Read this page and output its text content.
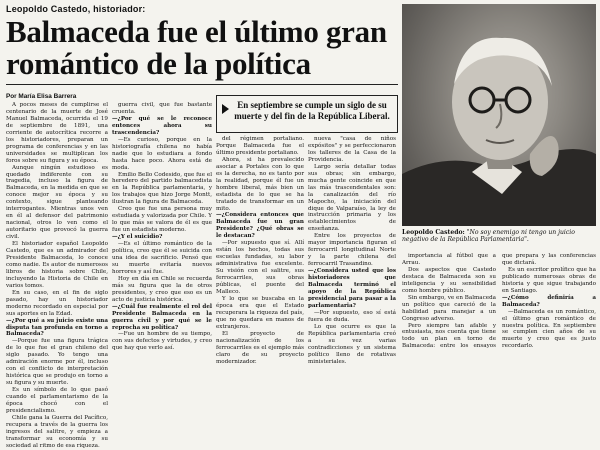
Leopoldo Castedo, historiador:
Balmaceda fue el último gran romántico de la política
Leopoldo Castedo: "No soy enemigo ni tengo un juicio negativo de la República Parlamentaria".
Por María Elisa Barrera
En septiembre se cumple un siglo de su muerte y del fin de la República Liberal.

A pocos meses de cumplirse el centenario de la muerte de José Manuel Balmaceda, ocurrida el 19 de septiembre de 1891, una corriente de autocrítica recorre a los historiadores, preparan un programa de conferencias y en las universidades se multiplican los foros sobre su figura y su época.

Aunque ningún estudioso es quedado indiferente con su tragedia, incluso la figura de Balmaceda, en la medida en que se conoce mejor su época y su contexto, sigue planteando interrogantes. Mientras unos ven en él al defensor del patrimonio nacional, otros lo ven como el autoritario que provocó la guerra civil.

El historiador español Leopoldo Castedo, que es un admirador del Presidente Balmaceda, lo conoce como nadie. Es autor de numerosos libros de historia sobre Chile, incluyendo la Historia de Chile en varios tomos.

En su caso, en el fin de siglo pasado, hay un historiador moderno recordado en especial por sus aportes en la Edad.

—¿Por qué a su juicio existe una disputa tan profunda en torno a Balmaceda?

—Porque fue una figura trágica de lo que fue el gran chileno del siglo pasado. Yo tengo una admiración enorme por él, incluso con el conflicto de interpretación histórica que se produjo en torno a su figura y su muerte.

Es un símbolo de lo que pasó cuando el parlamentarismo de la época chocó con el presidencialismo.

Chile gana la Guerra del Pacífico, recupera a través de la guerra los ingresos del salitre, y empieza a transformar su economía y su sociedad al ritmo de esa riqueza.

guerra civil, que fue bastante cruenta.

—¿Por qué se le reconoce entonces ahora su trascendencia?

—Es curioso, porque en la historiografía chilena no había nadie que lo estudiara a fondo hasta hace poco. Ahora está de moda.

Emilio Bello Codesido, que fue el heredero del partido balmacedista en la República parlamentaria, y los trabajos que hizo Jorge Montt, ilustran la figura de Balmaceda.

Creo que fue una persona muy estudiada y valorizada por Chile. Y lo que más se valora de él es que fue un estadista moderno.

—¿Y el suicidio?

—Es el último romántico de la política, creo que él se suicida con una idea de sacrificio. Pensó que su muerte evitaría nuevos horrores y así fue.

Hoy en día en Chile se recuerda más su figura que la de otros presidentes, y creo que eso es un acto de justicia histórica.

—¿Cuál fue realmente el rol del Presidente Balmaceda en la guerra civil y por qué se le reprocha su política?

—Fue un hombre de su tiempo, con sus defectos y virtudes, y creo que hay que verlo así.

del régimen portaliano. Porque Balmaceda fue el último presidente portaliano.

Ahora, si ha prevalecido asociar a Portales con lo que es la derecha, no es tanto por la realidad, porque él fue un hombre liberal, más bien un estadista de lo que se ha tratado de transformar en un mito.

—¿Considera entonces que Balmaceda fue un gran Presidente? ¿Qué obras se le destacan?

—Por supuesto que sí. Allí están los hechos, todas sus escuelas fundadas, su labor administrativa fue excelente. Su visión con el salitre, sus ferrocarriles, sus obras públicas, el puente del Malleco.

Y lo que se buscaba en la época era que el Estado recuperara la riqueza del país, que no quedara en manos de extranjeros.

El proyecto de nacionalización de los ferrocarriles es el ejemplo más claro de su proyecto modernizador.

nueva "casa de niños expósitos" y se perfeccionaron los talleres de la Casa de la Providencia.

Largo sería detallar todas sus obras; sin embargo, mucha gente coincide en que las más trascendentales son: la canalización del río Mapocho, la iniciación del dique de Valparaíso, la ley de instrucción primaria y los establecimientos de enseñanza.

Entre los proyectos de mayor importancia figuran el ferrocarril longitudinal Norte y la parte chilena del ferrocarril Trasandino.

—¿Considera usted que los historiadores que Balmaceda terminó el apoyo de la República presidencial para pasar a la parlamentaria?

—Por supuesto, eso sí está fuera de duda.

Lo que ocurre es que la República parlamentaria creó a su vez varias contradicciones y un sistema político lleno de rotativas ministeriales.

importancia al fútbol que a Arrau.

Dos aspectos que Castedo destaca de Balmaceda son su inteligencia y su sensibilidad como hombre público.

Sin embargo, ve en Balmaceda un político que careció de la habilidad para manejar a un Congreso adverso.

Pero siempre tan afable y entusiasta, nos cuenta que tiene todo un plan en torno de Balmaceda: entre los ensayos que prepara y las conferencias que dictará.

Es un escritor prolífico que ha publicado numerosas obras de historia y que sigue trabajando en Santiago.

—¿Cómo definiría a Balmaceda?

—Balmaceda es un romántico, el último gran romántico de nuestra política. En septiembre se cumplen cien años de su muerte y creo que es justo recordarlo.
